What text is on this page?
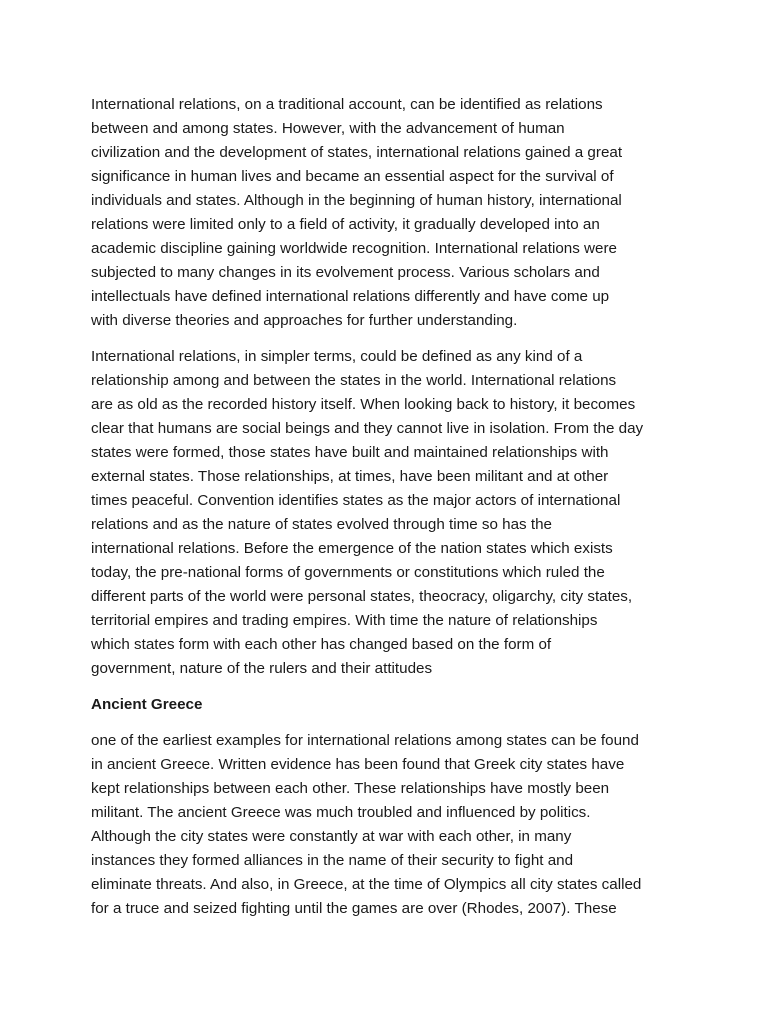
International relations, on a traditional account, can be identified as relations
between and among states. However, with the advancement of human
civilization and the development of states, international relations gained a great
significance in human lives and became an essential aspect for the survival of
individuals and states. Although in the beginning of human history, international
relations were limited only to a field of activity, it gradually developed into an
academic discipline gaining worldwide recognition. International relations were
subjected to many changes in its evolvement process. Various scholars and
intellectuals have defined international relations differently and have come up
with diverse theories and approaches for further understanding.
International relations, in simpler terms, could be defined as any kind of a
relationship among and between the states in the world. International relations
are as old as the recorded history itself. When looking back to history, it becomes
clear that humans are social beings and they cannot live in isolation. From the day
states were formed, those states have built and maintained relationships with
external states. Those relationships, at times, have been militant and at other
times peaceful. Convention identifies states as the major actors of international
relations and as the nature of states evolved through time so has the
international relations. Before the emergence of the nation states which exists
today, the pre-national forms of governments or constitutions which ruled the
different parts of the world were personal states, theocracy, oligarchy, city states,
territorial empires and trading empires. With time the nature of relationships
which states form with each other has changed based on the form of
government, nature of the rulers and their attitudes
Ancient Greece
one of the earliest examples for international relations among states can be found
in ancient Greece. Written evidence has been found that Greek city states have
kept relationships between each other. These relationships have mostly been
militant. The ancient Greece was much troubled and influenced by politics.
Although the city states were constantly at war with each other, in many
instances they formed alliances in the name of their security to fight and
eliminate threats. And also, in Greece, at the time of Olympics all city states called
for a truce and seized fighting until the games are over (Rhodes, 2007). These
